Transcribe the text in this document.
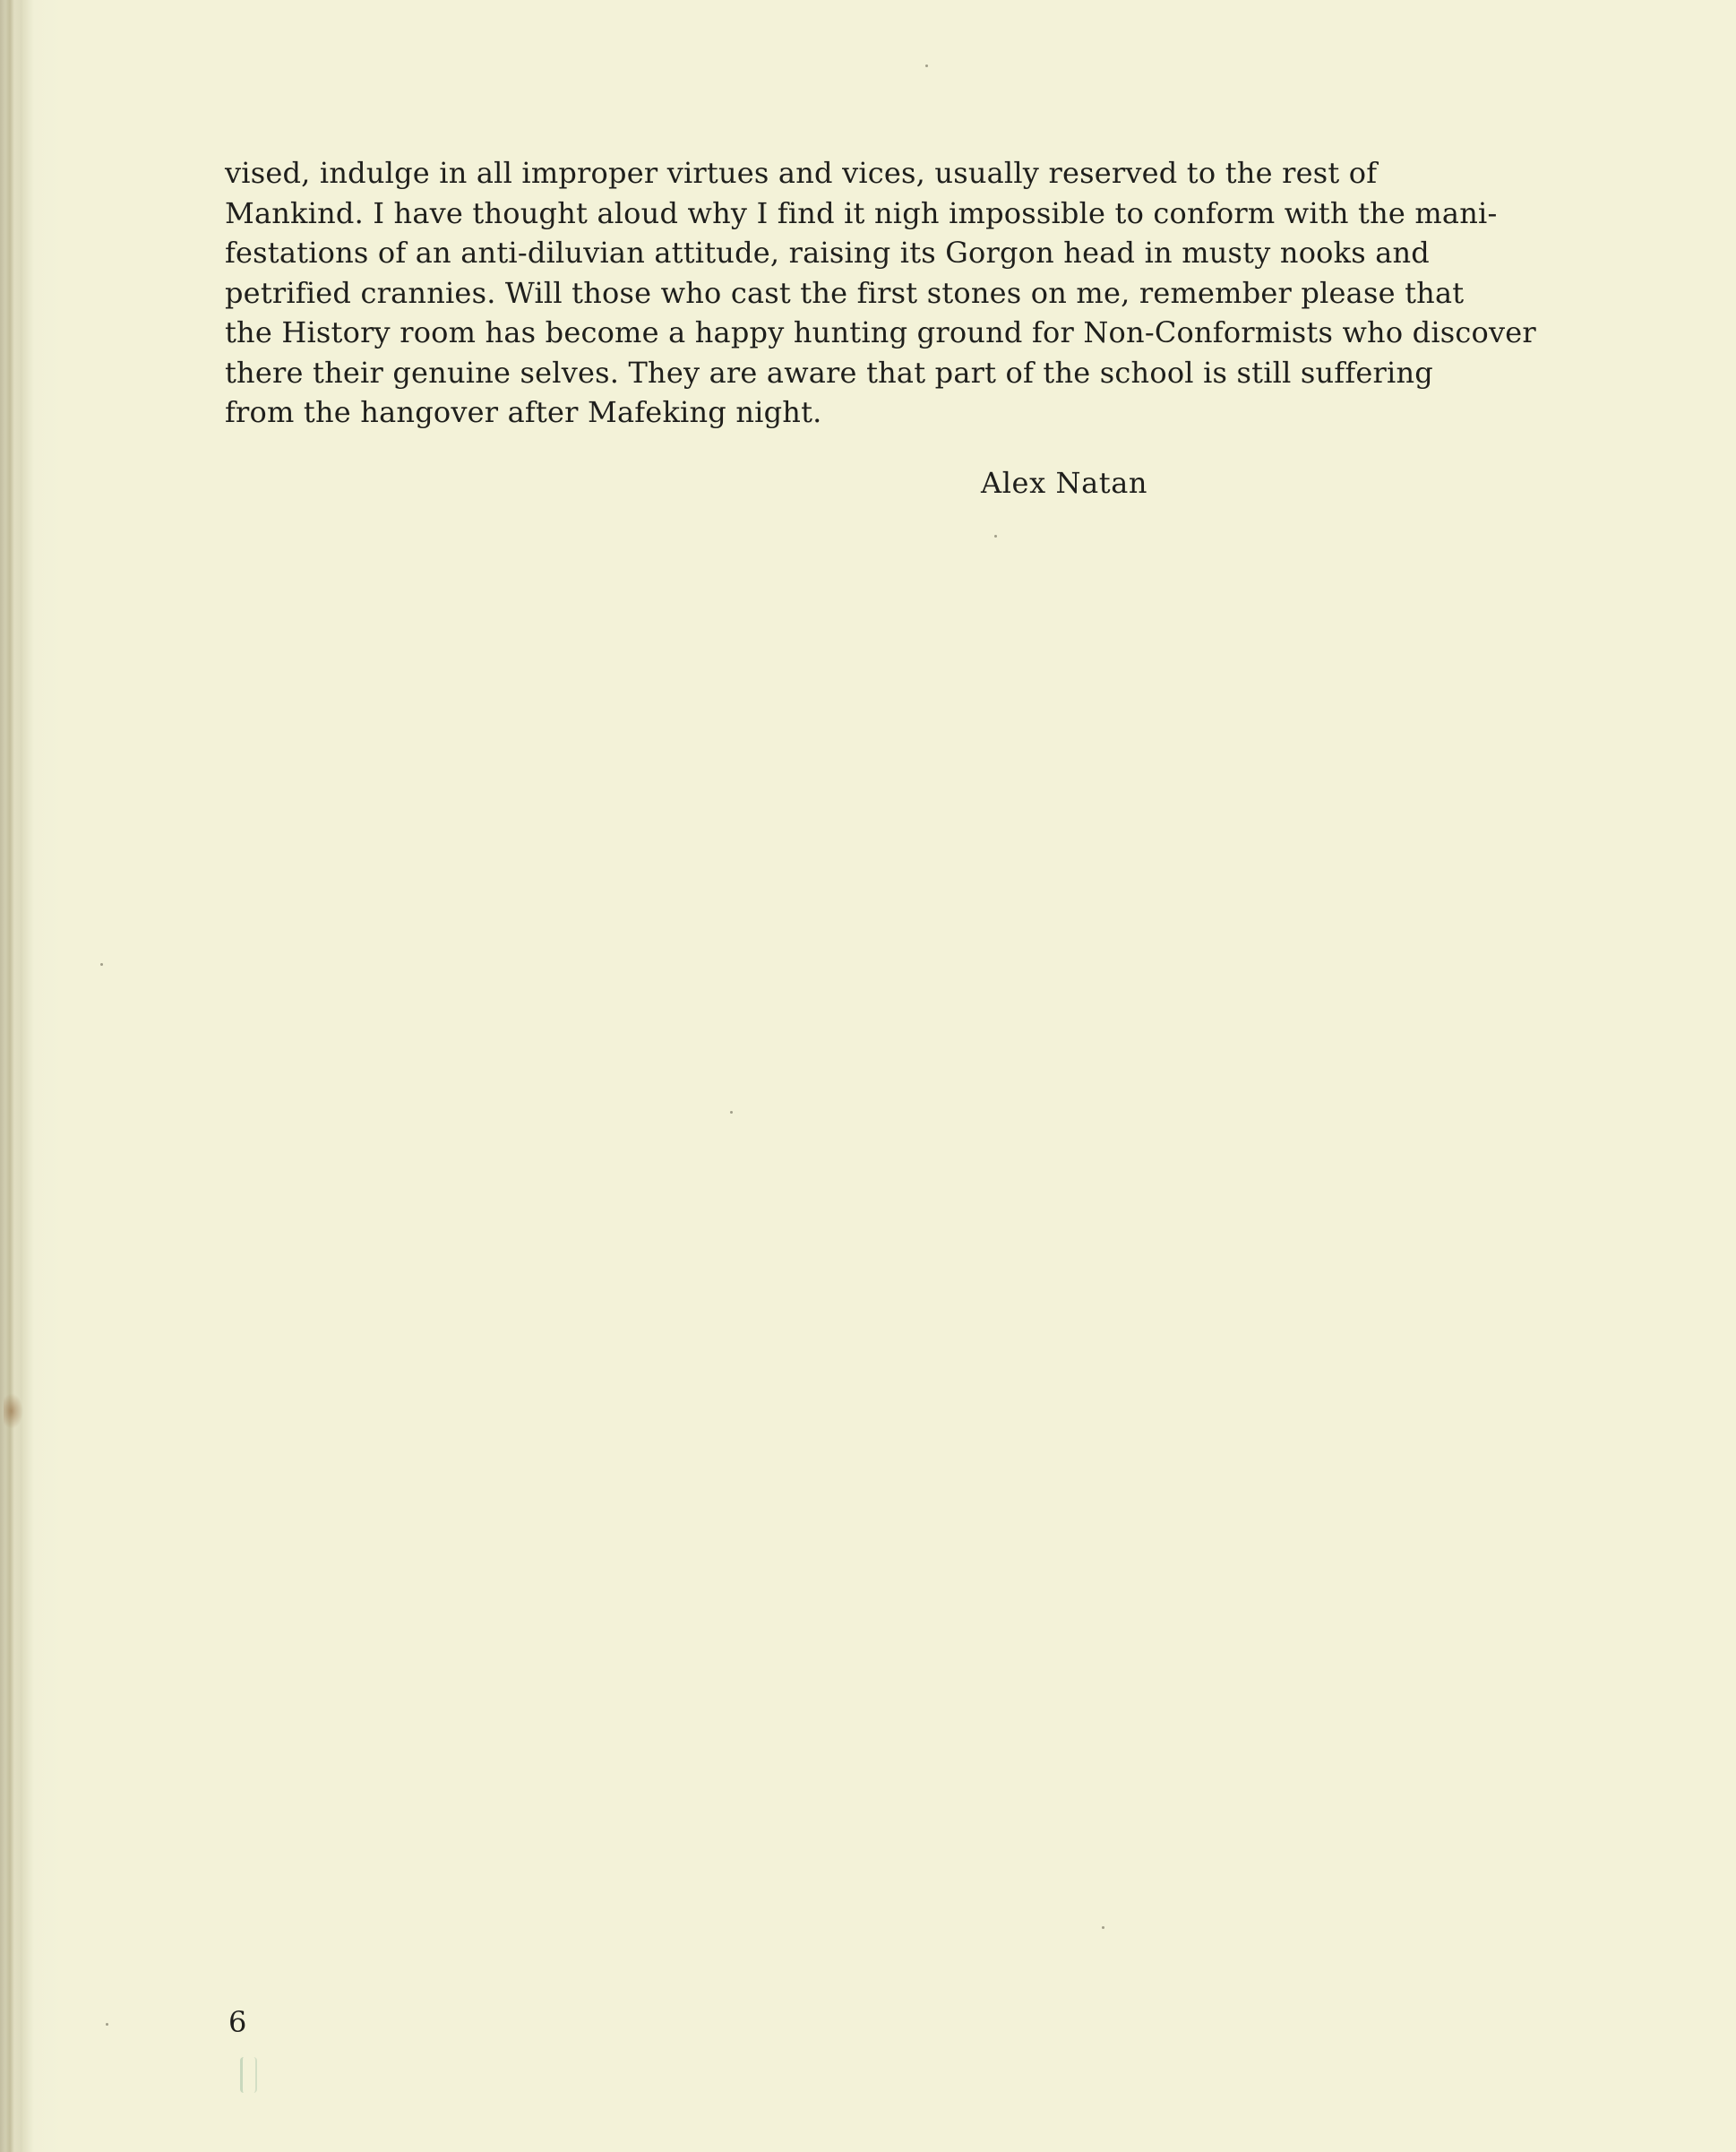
vised, indulge in all improper virtues and vices, usually reserved to the rest of
Mankind. I have thought aloud why I find it nigh impossible to conform with the mani-
festations of an anti-diluvian attitude, raising its Gorgon head in musty nooks and
petrified crannies. Will those who cast the first stones on me, remember please that
the History room has become a happy hunting ground for Non-Conformists who discover
there their genuine selves. They are aware that part of the school is still suffering
from the hangover after Mafeking night.
Alex Natan
6
